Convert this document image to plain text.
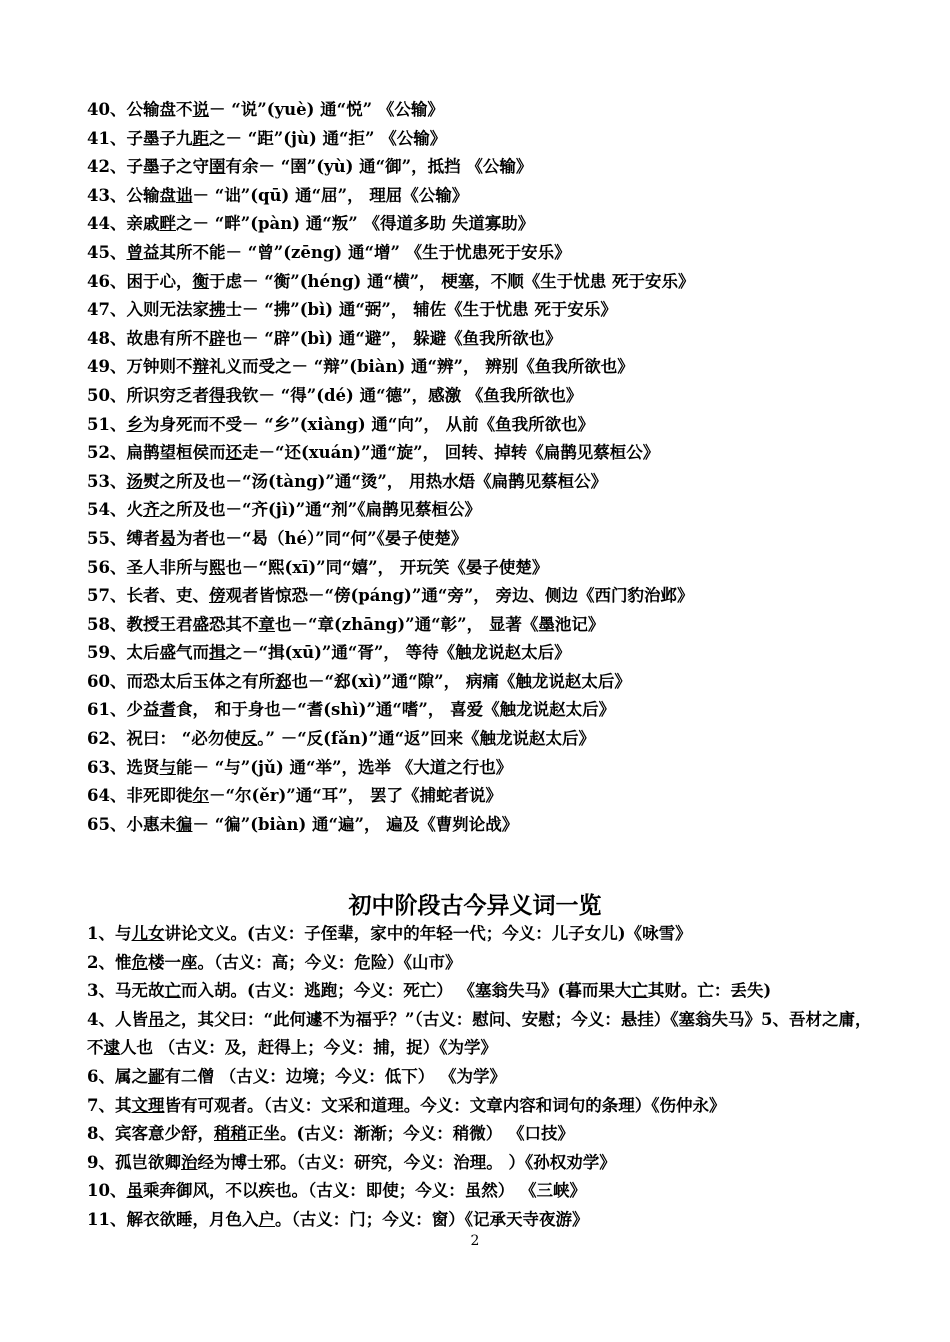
40、公输盘不说－ “说”(yuè) 通“悦” 《公输》
41、子墨子九距之－ “距”(jù) 通“拒” 《公输》
42、子墨子之守圉有余－ “圉”(yù) 通“御”，抵挡 《公输》
43、公输盘诎－ “诎”(qū) 通“屈”， 理屈《公输》
44、亲戚畔之－ “畔”(pàn) 通“叛” 《得道多助 失道寡助》
45、曾益其所不能－ “曾”(zēng) 通“增” 《生于忧患死于安乐》
46、困于心，衡于虑－ “衡”(héng) 通“横”， 梗塞，不顺《生于忧患 死于安乐》
47、入则无法家拂士－ “拂”(bì) 通“弼”， 辅佐《生于忧患 死于安乐》
48、故患有所不辟也－ “辟”(bì) 通“避”， 躲避《鱼我所欲也》
49、万钟则不辩礼义而受之－ “辩”(biàn) 通“辨”， 辨别《鱼我所欲也》
50、所识穷乏者得我钦－ “得”(dé) 通“德”，感激 《鱼我所欲也》
51、乡为身死而不受－ “乡”(xiàng) 通“向”， 从前《鱼我所欲也》
52、扁鹊望桓侯而还走－“还(xuán)”通“旋”， 回转、掉转《扁鹊见蔡桓公》
53、汤熨之所及也－“汤(tàng)”通“烫”， 用热水焐《扁鹊见蔡桓公》
54、火齐之所及也－“齐(jì)”通“剂”《扁鹊见蔡桓公》
55、缚者曷为者也－“曷（hé）”同“何”《晏子使楚》
56、圣人非所与熙也－“熙(xī)”同“嬉”， 开玩笑《晏子使楚》
57、长者、吏、傍观者皆惊恐－“傍(páng)”通“旁”， 旁边、侧边《西门豹治邺》
58、教授王君盛恐其不章也－“章(zhāng)”通“彰”， 显著《墨池记》
59、太后盛气而揖之－“揖(xū)”通“胥”， 等待《触龙说赵太后》
60、而恐太后玉体之有所郄也－“郄(xì)”通“隙”， 病痛《触龙说赵太后》
61、少益耆食， 和于身也－“耆(shì)”通“嗜”， 喜爱《触龙说赵太后》
62、祝曰： “必勿使反。” －“反(fǎn)”通“返”回来《触龙说赵太后》
63、选贤与能－ “与”(jǔ) 通“举”，选举 《大道之行也》
64、非死即徙尔－“尔(ěr)”通“耳”， 罢了《捕蛇者说》
65、小惠未徧－ “徧”(biàn) 通“遍”， 遍及《曹刿论战》
初中阶段古今异义词一览
1、与儿女讲论文义。(古义：子侄辈，家中的年轻一代；今义：儿子女儿)《咏雪》
2、惟危楼一座。（古义：高；今义：危险）《山市》
3、马无故亡而入胡。(古义：逃跑；今义：死亡） 《塞翁失马》(暮而果大亡其财。亡：丢失)
4、人皆吊之，其父曰：“此何遽不为福乎？”（古义：慰问、安慰；今义：悬挂）《塞翁失马》5、吾材之庸，不逮人也 （古义：及，赶得上；今义：捕，捉）《为学》
6、属之鄙有二僧 （古义：边境；今义：低下） 《为学》
7、其文理皆有可观者。（古义：文采和道理。今义：文章内容和词句的条理）《伤仲永》
8、宾客意少舒，稍稍正坐。(古义：渐渐；今义：稍微） 《口技》
9、孤岂欲卿治经为博士邪。（古义：研究，今义：治理。 ）《孙权劝学》
10、虽乘奔御风，不以疾也。（古义：即使；今义：虽然） 《三峡》
11、解衣欲睡，月色入户。（古义：门；今义：窗）《记承天寺夜游》
2
